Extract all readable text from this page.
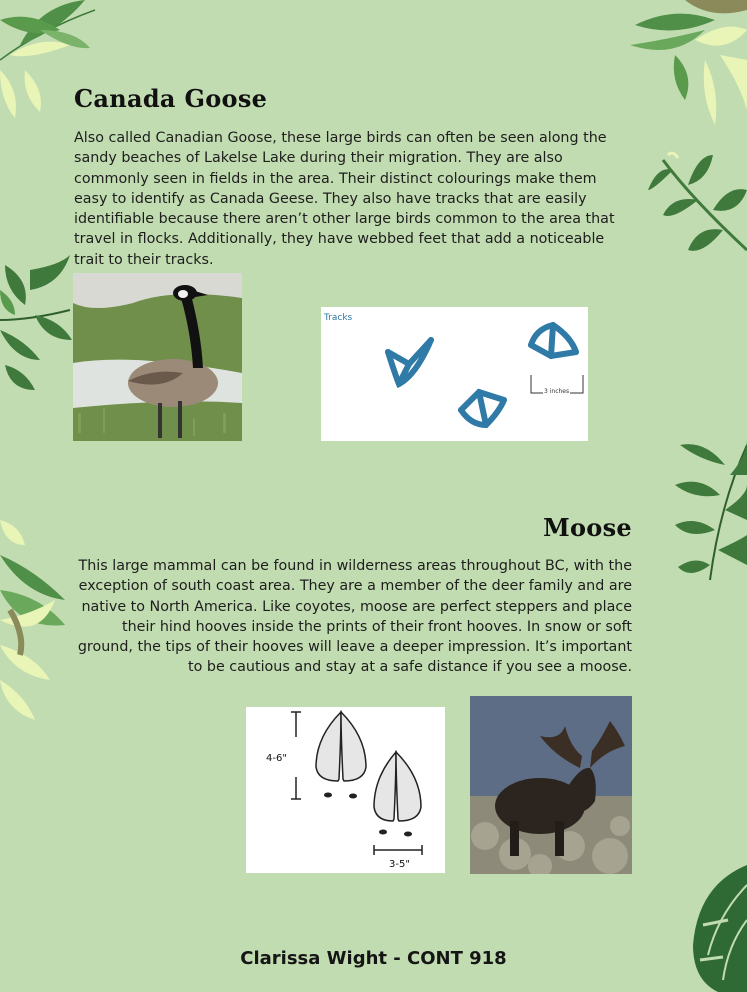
Canada Goose

Also called Canadian Goose, these large birds can often be seen along the sandy beaches of Lakelse Lake during their migration. They are also commonly seen in fields in the area. Their distinct colourings make them easy to identify as Canada Geese. They also have tracks that are easily identifiable because there aren’t other large birds common to the area that travel in flocks. Additionally, they have webbed feet that add a noticeable trait to their tracks.

Tracks
3 inches
Moose

This large mammal can be found in wilderness areas throughout BC, with the exception of south coast area. They are a member of the deer family and are native to North America. Like coyotes, moose are perfect steppers and place their hind hooves inside the prints of their front hooves. In snow or soft ground, the tips of their hooves will leave a deeper impression. It’s important to be cautious and stay at a safe distance if you see a moose.

4-6"
3-5"

Clarissa Wight - CONT 918
